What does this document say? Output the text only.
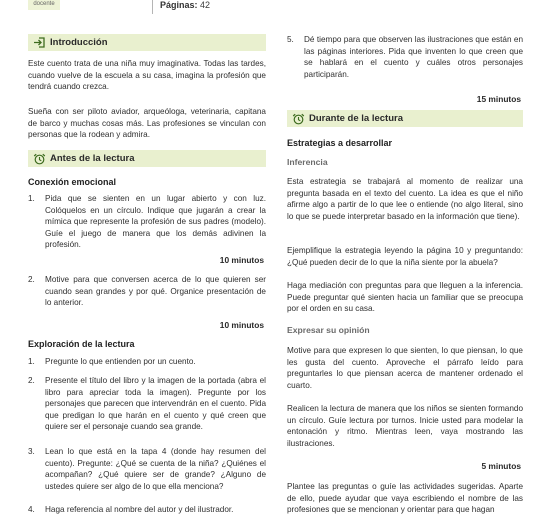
docente	Páginas: 42
Introducción
Este cuento trata de una niña muy imaginativa. Todas las tardes, cuando vuelve de la escuela a su casa, imagina la profesión que tendrá cuando crezca.
Sueña con ser piloto aviador, arqueóloga, veterinaria, capitana de barco y muchas cosas más. Las profesiones se vinculan con personas que la rodean y admira.
Antes de la lectura
Conexión emocional
1. Pida que se sienten en un lugar abierto y con luz. Colóquelos en un círculo. Indique que jugarán a crear la mímica que represente la profesión de sus padres (modelo). Guíe el juego de manera que los demás adivinen la profesión.
10 minutos
2. Motive para que conversen acerca de lo que quieren ser cuando sean grandes y por qué. Organice presentación de lo anterior.
10 minutos
Exploración de la lectura
1. Pregunte lo que entienden por un cuento.
2. Presente el título del libro y la imagen de la portada (abra el libro para apreciar toda la imagen). Pregunte por los personajes que parecen que intervendrán en el cuento. Pida que predigan lo que harán en el cuento y qué creen que quiere ser el personaje cuando sea grande.
3. Lean lo que está en la tapa 4 (donde hay resumen del cuento). Pregunte: ¿Qué se cuenta de la niña? ¿Quiénes el acompañan? ¿Qué quiere ser de grande? ¿Alguno de ustedes quiere ser algo de lo que ella menciona?
4. Haga referencia al nombre del autor y del ilustrador.
5. Dé tiempo para que observen las ilustraciones que están en las páginas interiores. Pida que inventen lo que creen que se hablará en el cuento y cuáles otros personajes participarán.
15 minutos
Durante de la lectura
Estrategias a desarrollar
Inferencia
Esta estrategia se trabajará al momento de realizar una pregunta basada en el texto del cuento. La idea es que el niño afirme algo a partir de lo que lee o entiende (no algo literal, sino lo que se puede interpretar basado en la información que tiene).
Ejemplifique la estrategia leyendo la página 10 y preguntando: ¿Qué pueden decir de lo que la niña siente por la abuela?
Haga mediación con preguntas para que lleguen a la inferencia. Puede preguntar qué sienten hacia un familiar que se preocupa por el orden en su casa.
Expresar su opinión
Motive para que expresen lo que sienten, lo que piensan, lo que les gusta del cuento. Aproveche el párrafo leído para preguntarles lo que piensan acerca de mantener ordenado el cuarto.
Realicen la lectura de manera que los niños se sienten formando un círculo. Guíe lectura por turnos. Inicie usted para modelar la entonación y ritmo. Mientras leen, vaya mostrando las ilustraciones.
5 minutos
Plantee las preguntas o guíe las actividades sugeridas. Aparte de ello, puede ayudar que vaya escribiendo el nombre de las profesiones que se mencionan y orientar para que hagan
